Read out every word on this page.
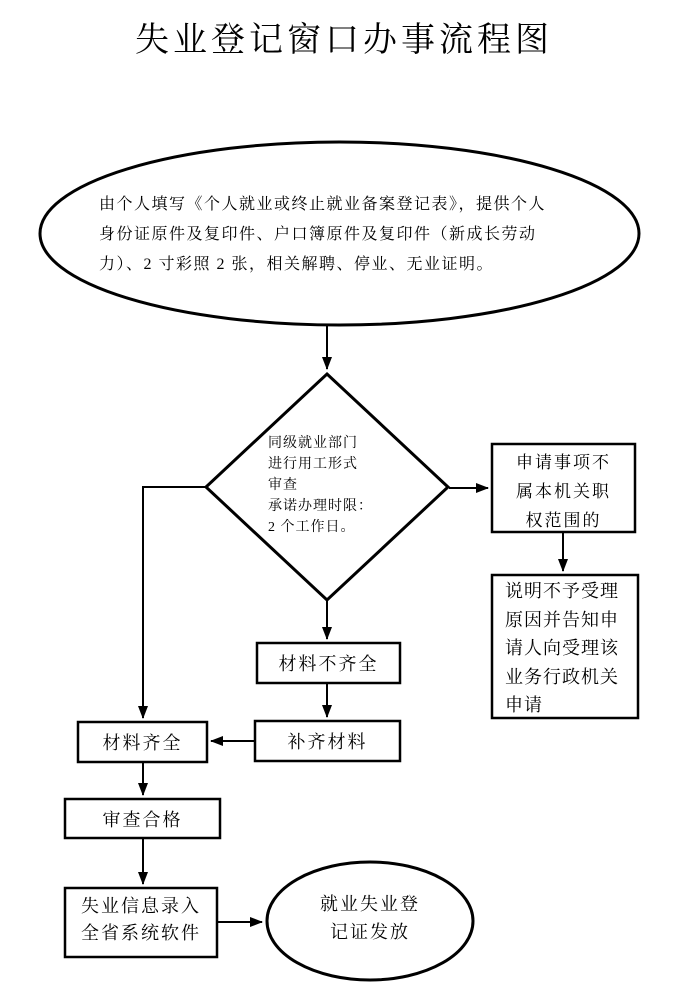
失业登记窗口办事流程图
由个人填写《个人就业或终止就业备案登记表》，提供个人
身份证原件及复印件、户口簿原件及复印件（新成长劳动
力）、2 寸彩照 2 张，相关解聘、停业、无业证明。
同级就业部门
进行用工形式
审查
承诺办理时限：
2 个工作日。
申请事项不
属本机关职
权范围的
说明不予受理
原因并告知申
请人向受理该
业务行政机关
申请
材料不齐全
补齐材料
材料齐全
审查合格
失业信息录入
全省系统软件
就业失业登
记证发放
